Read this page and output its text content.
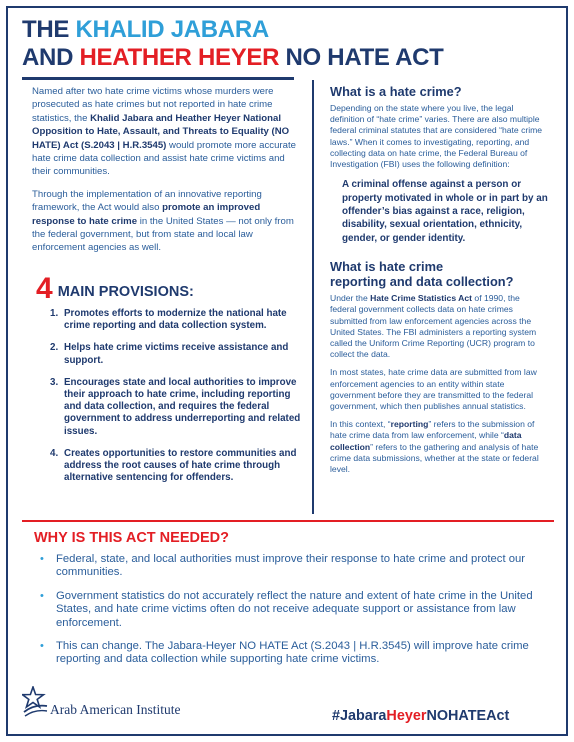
THE KHALID JABARA
AND HEATHER HEYER NO HATE ACT

Named after two hate crime victims whose murders were prosecuted as hate crimes but not reported in hate crime statistics, the Khalid Jabara and Heather Heyer National Opposition to Hate, Assault, and Threats to Equality (NO HATE) Act (S.2043 | H.R.3545) would promote more accurate hate crime data collection and assist hate crime victims and their communities.

Through the implementation of an innovative reporting framework, the Act would also promote an improved response to hate crime in the United States — not only from the federal government, but from state and local law enforcement agencies as well.

4 MAIN PROVISIONS:
1. Promotes efforts to modernize the national hate crime reporting and data collection system.
2. Helps hate crime victims receive assistance and support.
3. Encourages state and local authorities to improve their approach to hate crime, including reporting and data collection, and requires the federal government to address underreporting and related issues.
4. Creates opportunities to restore communities and address the root causes of hate crime through alternative sentencing for offenders.
What is a hate crime?

Depending on the state where you live, the legal definition of “hate crime” varies. There are also multiple federal criminal statutes that are considered “hate crime laws.” When it comes to investigating, reporting, and collecting data on hate crime, the Federal Bureau of Investigation (FBI) uses the following definition:

A criminal offense against a person or property motivated in whole or in part by an offender’s bias against a race, religion, disability, sexual orientation, ethnicity, gender, or gender identity.

What is hate crime
reporting and data collection?

Under the Hate Crime Statistics Act of 1990, the federal government collects data on hate crimes submitted from law enforcement agencies across the United States. The FBI administers a reporting system called the Uniform Crime Reporting (UCR) program to collect the data.

In most states, hate crime data are submitted from law enforcement agencies to an entity within state government before they are transmitted to the federal government, which then publishes annual statistics.

In this context, “reporting” refers to the submission of hate crime data from law enforcement, while “data collection” refers to the gathering and analysis of hate crime data submissions, whether at the state or federal level.

WHY IS THIS ACT NEEDED?
•	Federal, state, and local authorities must improve their response to hate crime and protect our communities.
•	Government statistics do not accurately reflect the nature and extent of hate crime in the United States, and hate crime victims often do not receive adequate support or assistance from law enforcement.
•	This can change. The Jabara-Heyer NO HATE Act (S.2043 | H.R.3545) will improve hate crime reporting and data collection while supporting hate crime victims.
Arab American Institute	#JabaraHeyerNOHATEAct
